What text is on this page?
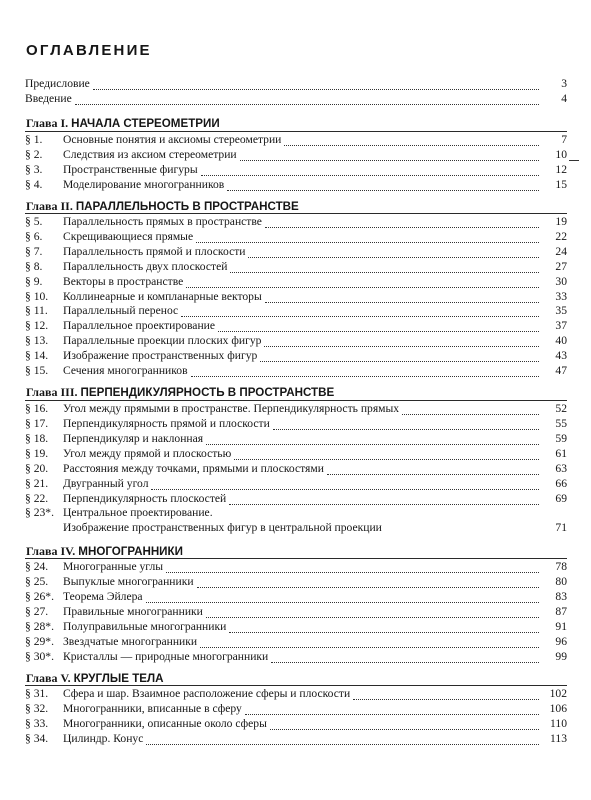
ОГЛАВЛЕНИЕ
Предисловие	3
Введение	4
Глава I. НАЧАЛА СТЕРЕОМЕТРИИ
§ 1.	Основные понятия и аксиомы стереометрии	7
§ 2.	Следствия из аксиом стереометрии	10
§ 3.	Пространственные фигуры	12
§ 4.	Моделирование многогранников	15
Глава II. ПАРАЛЛЕЛЬНОСТЬ В ПРОСТРАНСТВЕ
§ 5.	Параллельность прямых в пространстве	19
§ 6.	Скрещивающиеся прямые	22
§ 7.	Параллельность прямой и плоскости	24
§ 8.	Параллельность двух плоскостей	27
§ 9.	Векторы в пространстве	30
§ 10.	Коллинеарные и компланарные векторы	33
§ 11.	Параллельный перенос	35
§ 12.	Параллельное проектирование	37
§ 13.	Параллельные проекции плоских фигур	40
§ 14.	Изображение пространственных фигур	43
§ 15.	Сечения многогранников	47
Глава III. ПЕРПЕНДИКУЛЯРНОСТЬ В ПРОСТРАНСТВЕ
§ 16.	Угол между прямыми в пространстве. Перпендикулярность прямых	52
§ 17.	Перпендикулярность прямой и плоскости	55
§ 18.	Перпендикуляр и наклонная	59
§ 19.	Угол между прямой и плоскостью	61
§ 20.	Расстояния между точками, прямыми и плоскостями	63
§ 21.	Двугранный угол	66
§ 22.	Перпендикулярность плоскостей	69
§ 23*. Центральное проектирование.
Изображение пространственных фигур в центральной проекции	71
Глава IV. МНОГОГРАННИКИ
§ 24.	Многогранные углы	78
§ 25.	Выпуклые многогранники	80
§ 26*. Теорема Эйлера	83
§ 27.	Правильные многогранники	87
§ 28*. Полуправильные многогранники	91
§ 29*. Звездчатые многогранники	96
§ 30*. Кристаллы — природные многогранники	99
Глава V. КРУГЛЫЕ ТЕЛА
§ 31.	Сфера и шар. Взаимное расположение сферы и плоскости	102
§ 32.	Многогранники, вписанные в сферу	106
§ 33.	Многогранники, описанные около сферы	110
§ 34.	Цилиндр. Конус	113
